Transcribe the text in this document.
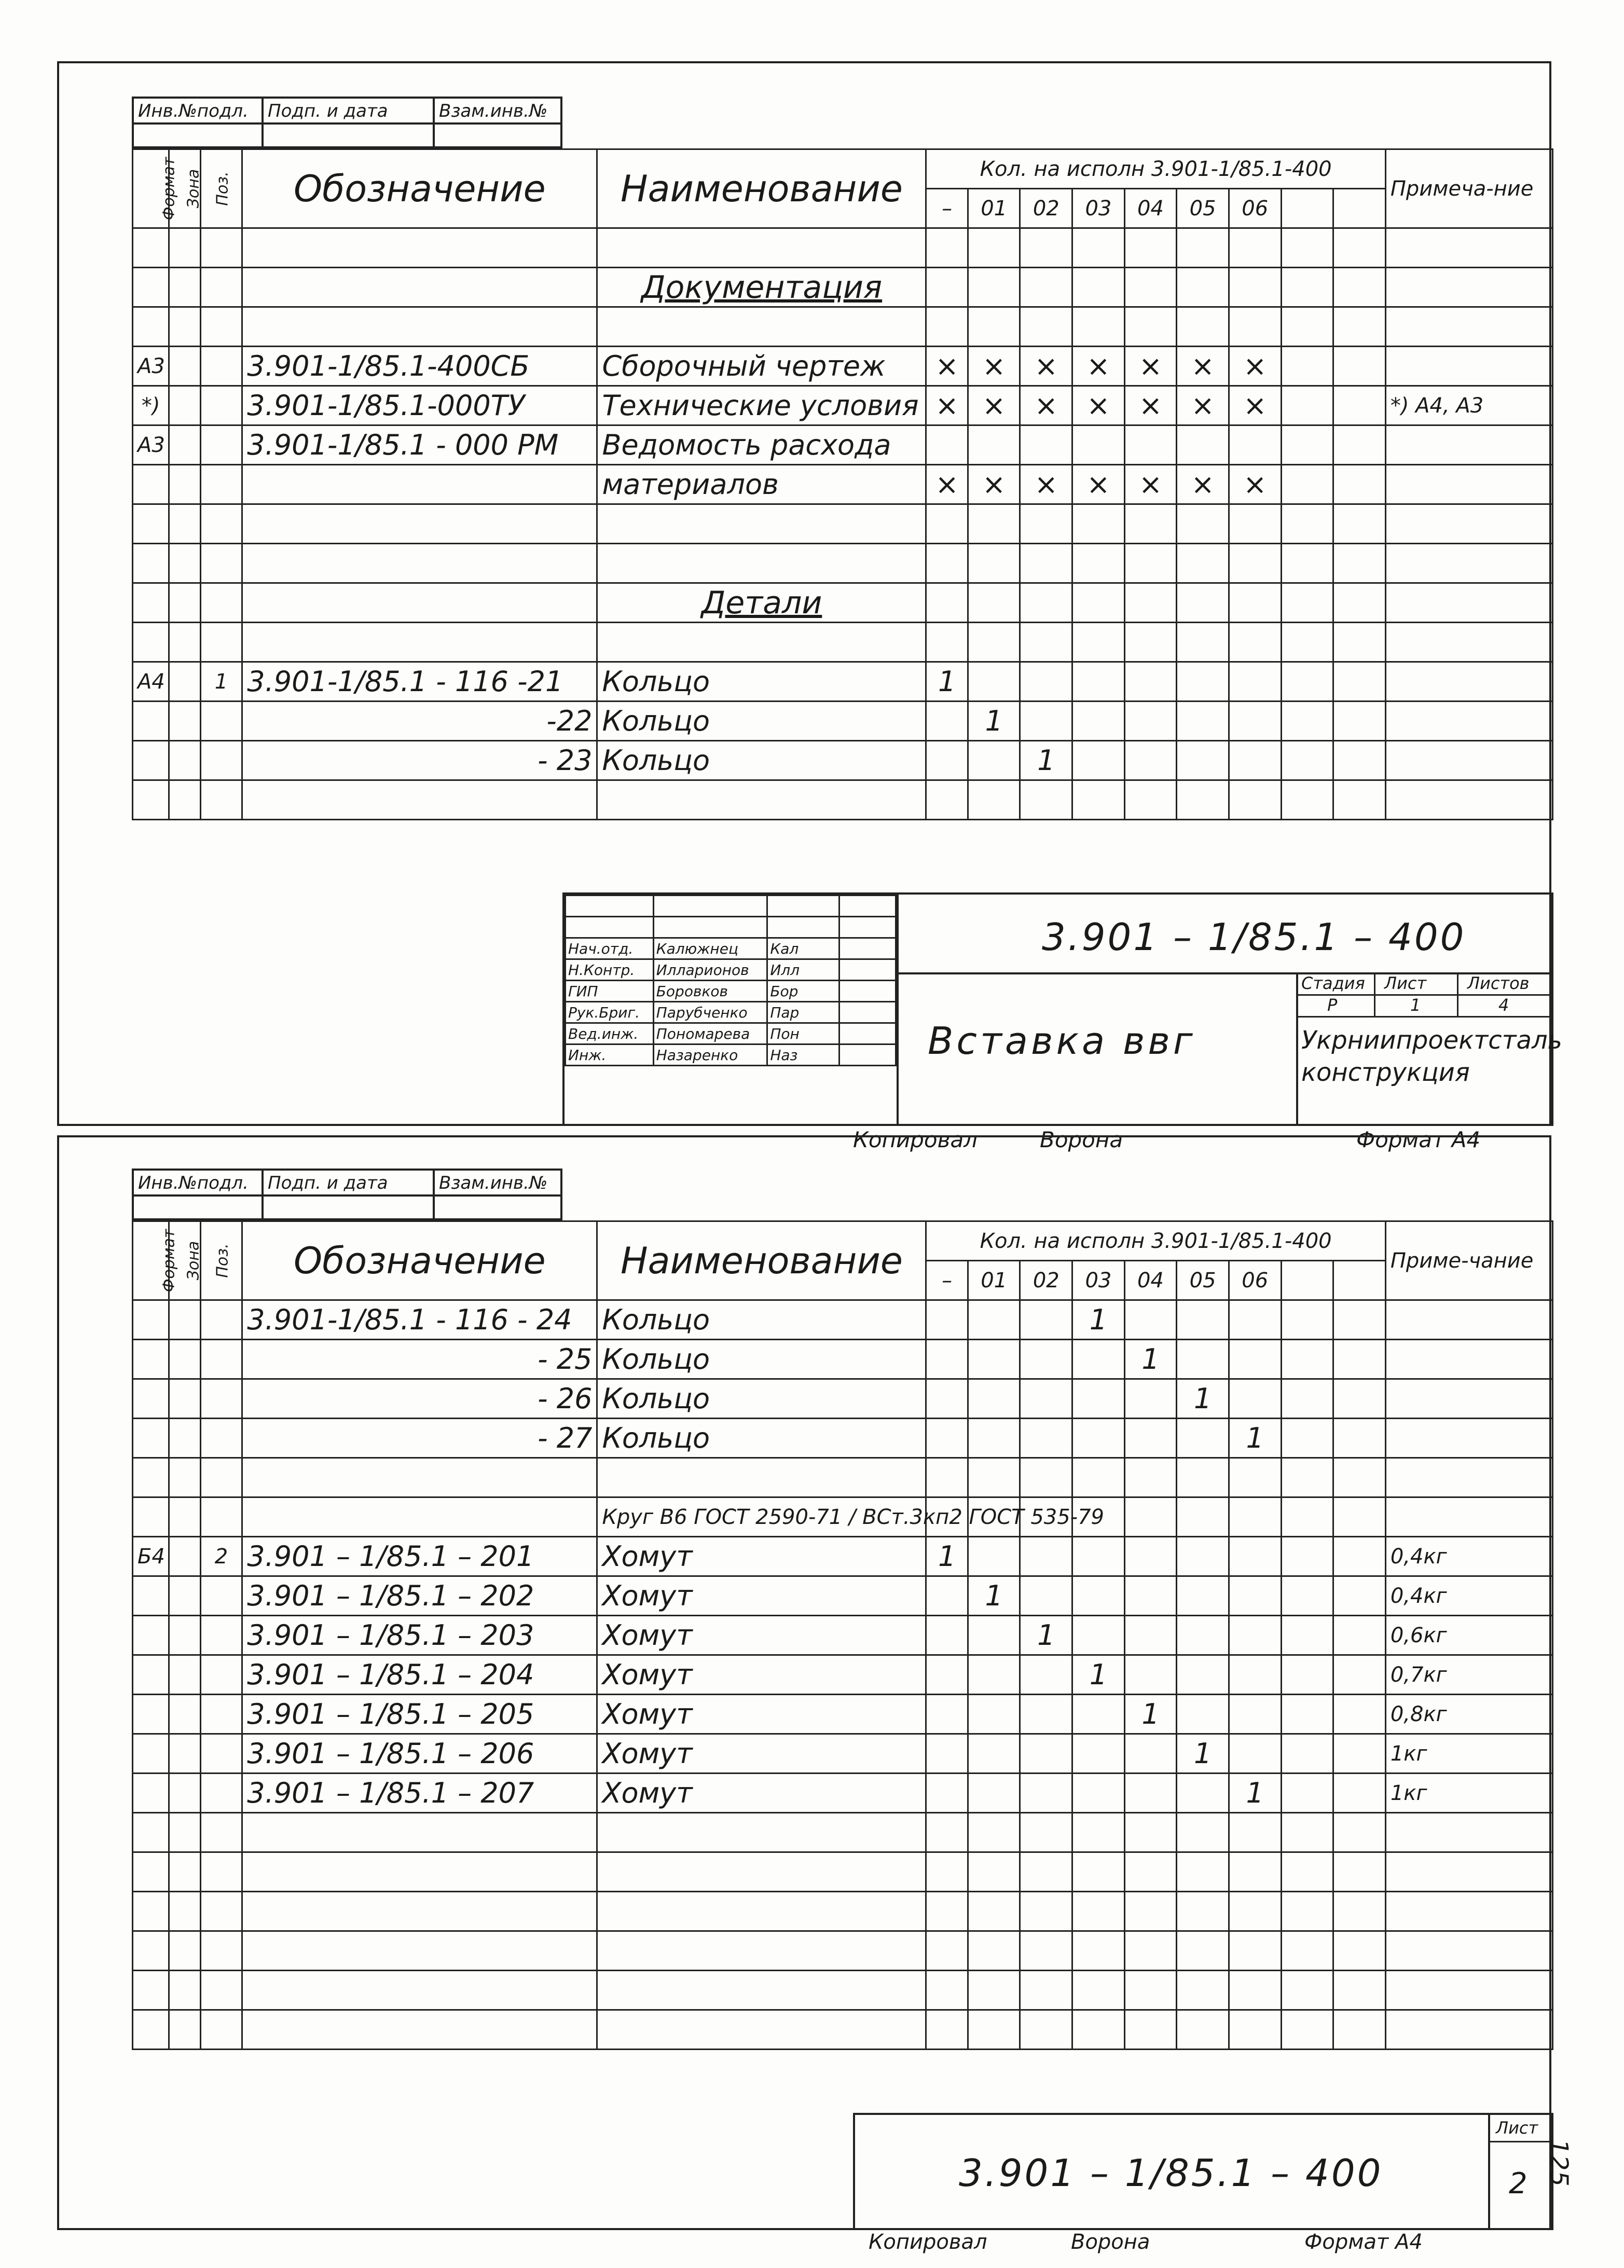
Инв.№подл.	Подп. и дата	Взам.инв.№
Формат	Зона	Поз.	Обозначение	Наименование	Кол. на исполн 3.901-1/85.1-400									Примеча-ние
					–	01	02	03	04	05	06			

				Документация										

А3			3.901-1/85.1-400СБ	Сборочный чертеж	×	×	×	×	×	×	×			
*)			3.901-1/85.1-000ТУ	Технические условия	×	×	×	×	×	×	×			*) А4, А3
А3			3.901-1/85.1 - 000 РМ	Ведомость расхода										
				материалов	×	×	×	×	×	×	×			

				Детали										

А4		1	3.901-1/85.1 - 116 -21	Кольцо	1									
			-22	Кольцо		1								
			- 23	Кольцо			1							

Нач.отд.	Калюжнец	Кал	
Н.Контр.	Илларионов	Илл	
ГИП	Боровков	Бор	
Рук.Бриг.	Парубченко	Пар	
Вед.инж.	Пономарева	Пон	
Инж.	Назаренко	Наз	
3.901 – 1/85.1 – 400
Вставка ввг
Стадия Лист Листов
Р	1	4
Укрниипроектсталь конструкция
Копировал	Ворона	Формат А4
Инв.№подл.	Подп. и дата	Взам.инв.№
Формат	Зона	Поз.	Обозначение	Наименование	Кол. на исполн 3.901-1/85.1-400									Приме-чание
					–	01	02	03	04	05	06			
			3.901-1/85.1 - 116 - 24	Кольцо				1						
			- 25	Кольцо					1					
			- 26	Кольцо						1				
			- 27	Кольцо							1			

				Круг В6 ГОСТ 2590-71 / ВСт.3кп2 ГОСТ 535-79										
Б4		2	3.901 – 1/85.1 – 201	Хомут	1									0,4кг
			3.901 – 1/85.1 – 202	Хомут		1								0,4кг
			3.901 – 1/85.1 – 203	Хомут			1							0,6кг
			3.901 – 1/85.1 – 204	Хомут				1						0,7кг
			3.901 – 1/85.1 – 205	Хомут					1					0,8кг
			3.901 – 1/85.1 – 206	Хомут						1				1кг
			3.901 – 1/85.1 – 207	Хомут							1			1кг

3.901 – 1/85.1 – 400
Лист
2
Копировал	Ворона	Формат А4
125
